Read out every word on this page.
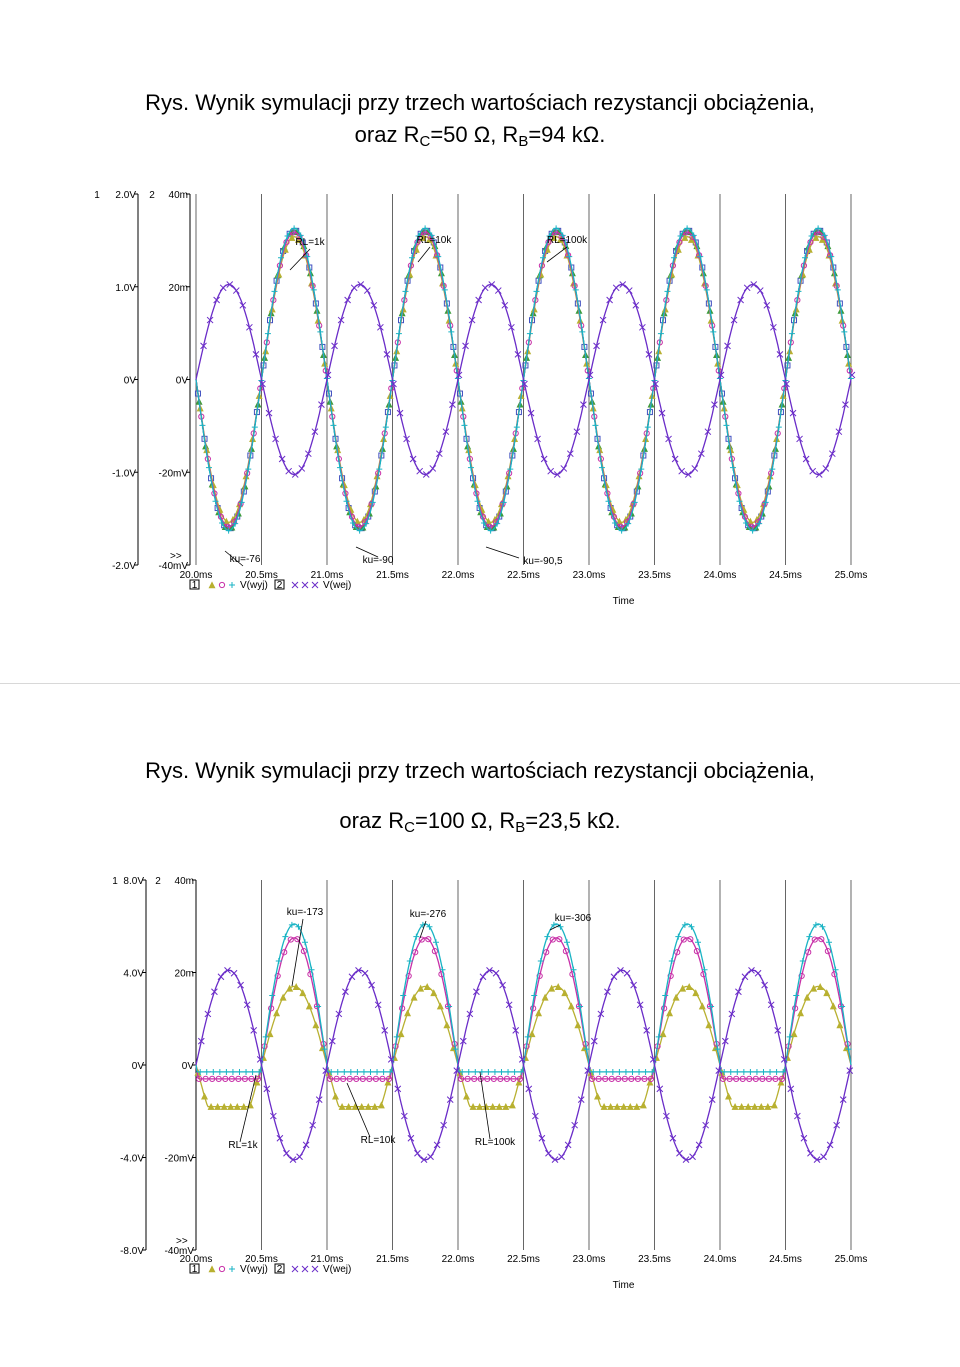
Rys. Wynik symulacji przy trzech wartościach rezystancji obciążenia,
oraz $R_C=50$ Ω, $R_B=94$ kΩ.
2.0V	40m
1.0V	20m
0V	0V
-1.0V -20mV
-2.0V -40mV
1	2
>>
20.0ms	20.5ms	21.0ms	21.5ms	22.0ms	22.5ms	23.0ms	23.5ms	24.0ms	24.5ms	25.0ms
Time
1	V(wyj) 2	V(wej)
RL=1k	RL=10k	RL=100k
ku=-76	ku=-90	ku=-90,5
Rys. Wynik symulacji przy trzech wartościach rezystancji obciążenia,
oraz $R_C=100$ Ω, $R_B=23,5$ kΩ.
8.0V	40m
4.0V	20m
0V	0V
-4.0V -20mV
-8.0V -40mV
1	2
>>
20.0ms	20.5ms	21.0ms	21.5ms	22.0ms	22.5ms	23.0ms	23.5ms	24.0ms	24.5ms	25.0ms
Time
1	V(wyj) 2	V(wej)
ku=-173	ku=-276	ku=-306
RL=1k	RL=10k	RL=100k
